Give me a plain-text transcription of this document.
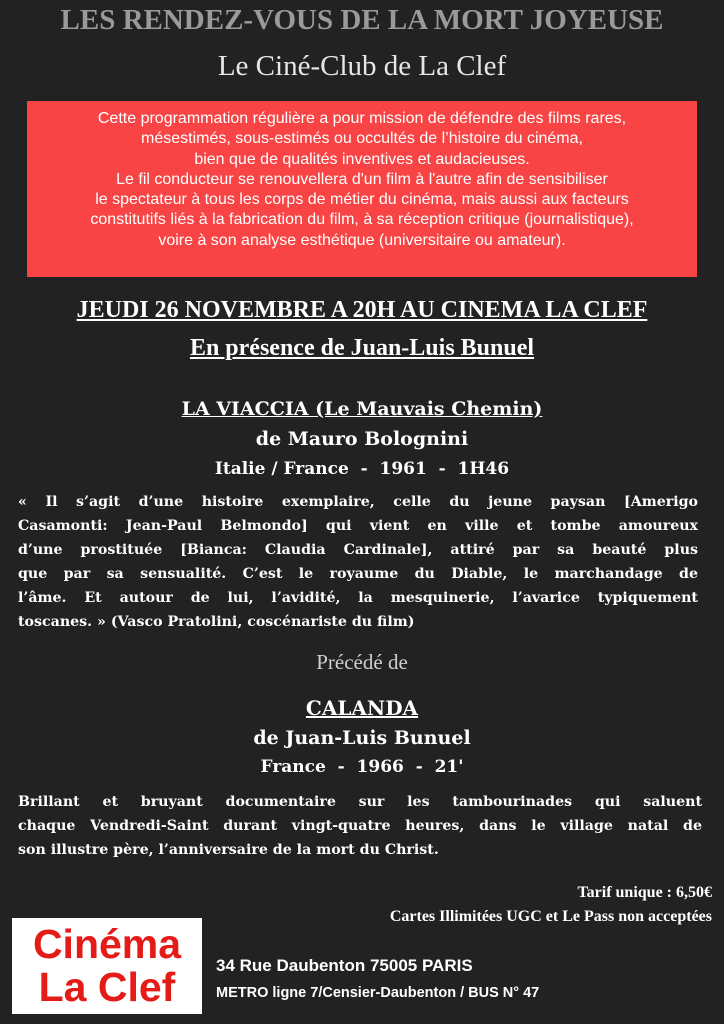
LES RENDEZ-VOUS DE LA MORT JOYEUSE
Le Ciné-Club de La Clef
Cette programmation régulière a pour mission de défendre des films rares,
mésestimés, sous-estimés ou occultés de l’histoire du cinéma,
bien que de qualités inventives et audacieuses.
Le fil conducteur se renouvellera d'un film à l'autre afin de sensibiliser
le spectateur à tous les corps de métier du cinéma, mais aussi aux facteurs
constitutifs liés à la fabrication du film, à sa réception critique (journalistique),
voire à son analyse esthétique (universitaire ou amateur).
JEUDI 26 NOVEMBRE A 20H AU CINEMA LA CLEF
En présence de Juan-Luis Bunuel
LA VIACCIA (Le Mauvais Chemin)
de Mauro Bolognini
Italie / France  -  1961  -  1H46
« Il s’agit d’une histoire exemplaire, celle du jeune paysan [Amerigo
Casamonti: Jean-Paul Belmondo] qui vient en ville et tombe amoureux
d’une prostituée [Bianca: Claudia Cardinale], attiré par sa beauté plus
que par sa sensualité. C’est le royaume du Diable, le marchandage de
l’âme. Et autour de lui, l’avidité, la mesquinerie, l’avarice typiquement
toscanes. » (Vasco Pratolini, coscénariste du film)
Précédé de
CALANDA
de Juan-Luis Bunuel
France  -  1966  -  21'
Brillant et bruyant documentaire sur les tambourinades qui saluent
chaque Vendredi-Saint durant vingt-quatre heures, dans le village natal de
son illustre père, l’anniversaire de la mort du Christ.
Tarif unique : 6,50€
Cartes Illimitées UGC et Le Pass non acceptées
Cinéma
La Clef	34 Rue Daubenton 75005 PARIS
METRO ligne 7/Censier-Daubenton / BUS N° 47
